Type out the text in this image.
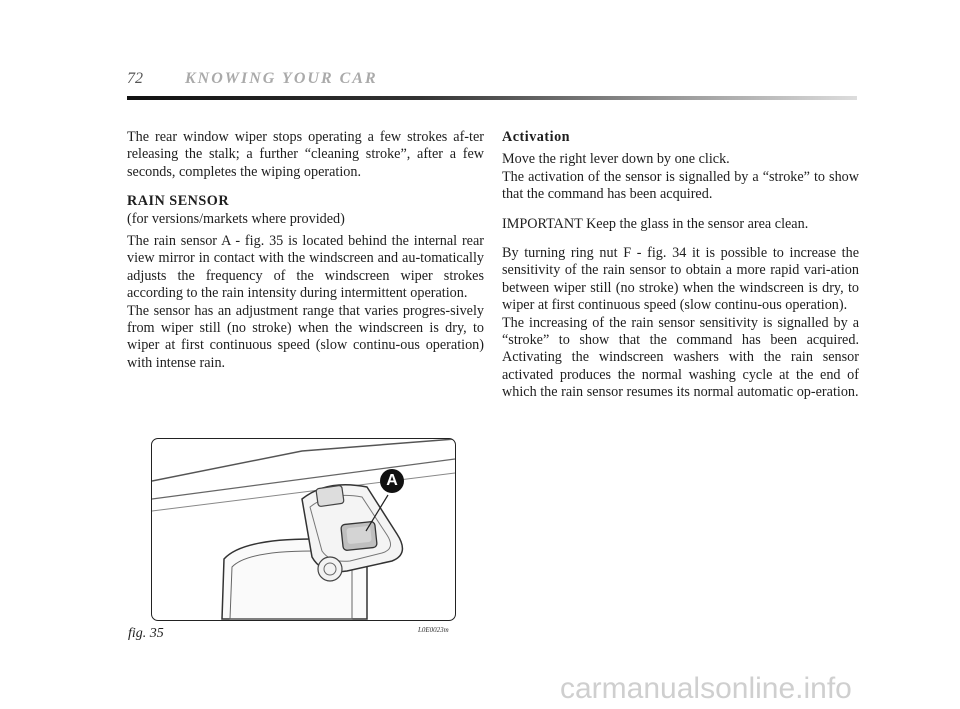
72	KNOWING YOUR CAR

The rear window wiper stops operating a few strokes af-ter releasing the stalk; a further “cleaning stroke”, after a few seconds, completes the wiping operation.

RAIN SENSOR

(for versions/markets where provided)

The rain sensor A - fig. 35 is located behind the internal rear view mirror in contact with the windscreen and au-tomatically adjusts the frequency of the windscreen wiper strokes according to the rain intensity during intermittent operation.

The sensor has an adjustment range that varies progres-sively from wiper still (no stroke) when the windscreen is dry, to wiper at first continuous speed (slow continu-ous operation) with intense rain.

Activation

Move the right lever down by one click.

The activation of the sensor is signalled by a “stroke” to show that the command has been acquired.

IMPORTANT Keep the glass in the sensor area clean.

By turning ring nut F - fig. 34 it is possible to increase the sensitivity of the rain sensor to obtain a more rapid vari-ation between wiper still (no stroke) when the windscreen is dry, to wiper at first continuous speed (slow continu-ous operation).

The increasing of the rain sensor sensitivity is signalled by a “stroke” to show that the command has been acquired. Activating the windscreen washers with the rain sensor activated produces the normal washing cycle at the end of which the rain sensor resumes its normal automatic op-eration.

A
fig. 35	L0E0023m
carmanualsonline.info
